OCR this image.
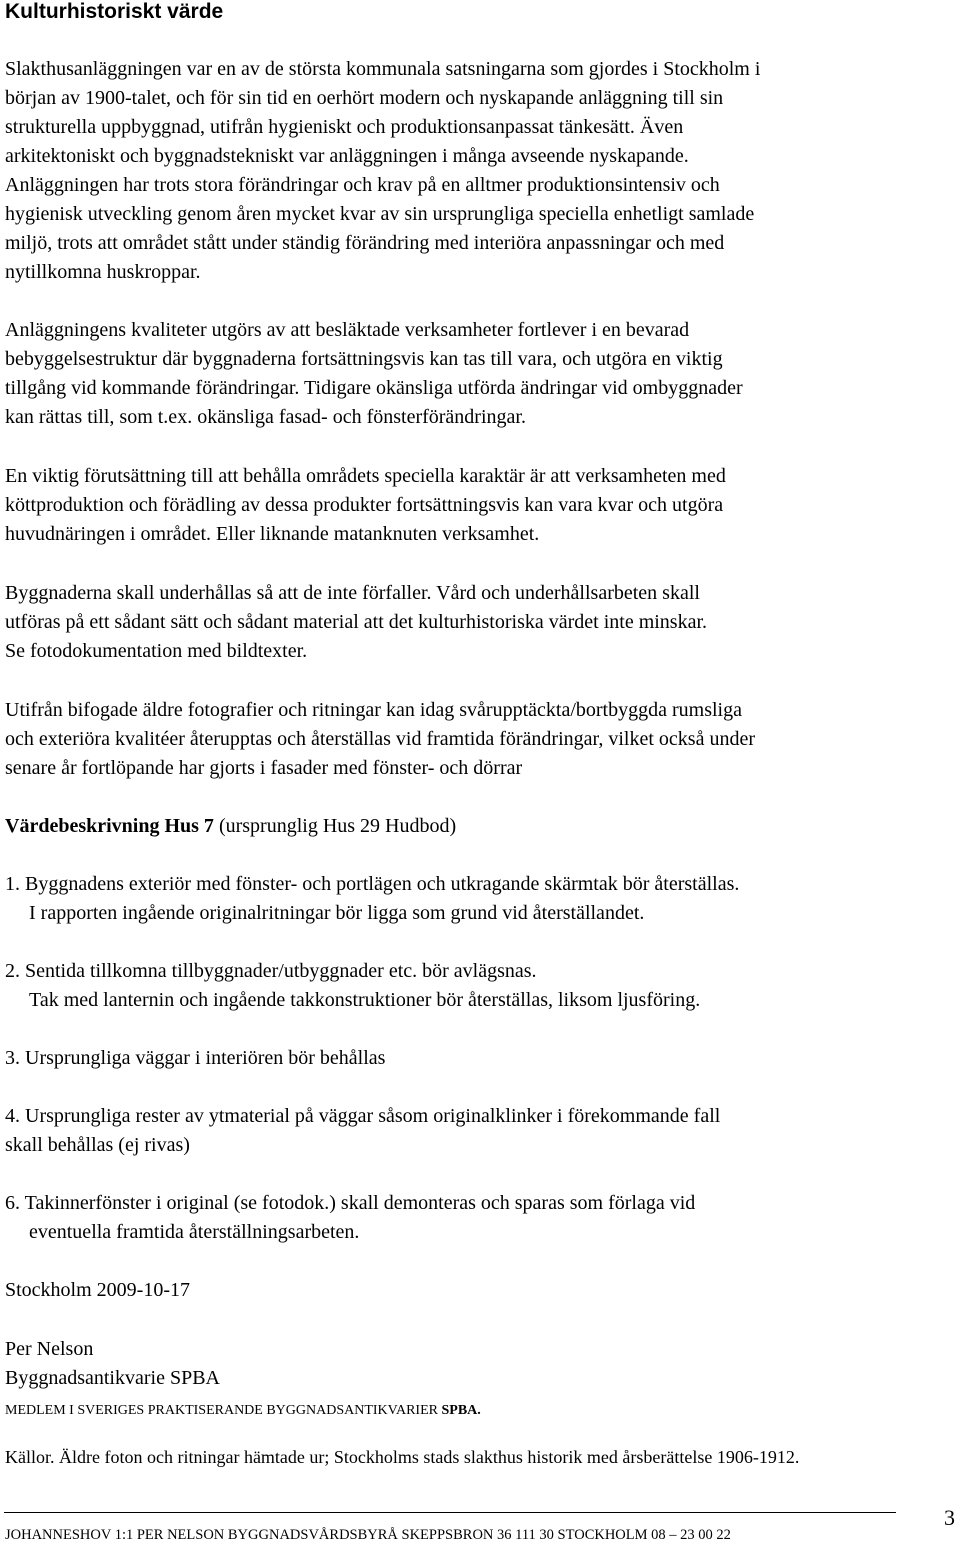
Kulturhistoriskt värde
Slakthusanläggningen var en av de största kommunala satsningarna som gjordes i Stockholm i
början av 1900-talet, och för sin tid en oerhört modern och nyskapande anläggning till sin
strukturella uppbyggnad, utifrån hygieniskt och produktionsanpassat tänkesätt. Även
arkitektoniskt och byggnadstekniskt var anläggningen i många avseende nyskapande.
Anläggningen har trots stora förändringar och krav på en alltmer produktionsintensiv och
hygienisk utveckling genom åren mycket kvar av sin ursprungliga speciella enhetligt samlade
miljö, trots att området stått under ständig förändring med interiöra anpassningar och med
nytillkomna huskroppar.
Anläggningens kvaliteter utgörs av att besläktade verksamheter fortlever i en bevarad
bebyggelsestruktur där byggnaderna fortsättningsvis kan tas till vara, och utgöra en viktig
tillgång vid kommande förändringar. Tidigare okänsliga utförda ändringar vid ombyggnader
kan rättas till, som t.ex. okänsliga fasad- och fönsterförändringar.
En viktig förutsättning till att behålla områdets speciella karaktär är att verksamheten med
köttproduktion och förädling av dessa produkter fortsättningsvis kan vara kvar och utgöra
huvudnäringen i området. Eller liknande matanknuten verksamhet.
Byggnaderna skall underhållas så att de inte förfaller. Vård och underhållsarbeten skall
utföras på ett sådant sätt och sådant material att det kulturhistoriska värdet inte minskar.
Se fotodokumentation med bildtexter.
Utifrån bifogade äldre fotografier och ritningar kan idag svårupptäckta/bortbyggda rumsliga
och exteriöra kvalitéer återupptas och återställas vid framtida förändringar, vilket också under
senare år fortlöpande har gjorts i fasader med fönster- och dörrar
Värdebeskrivning Hus 7 (ursprunglig Hus 29 Hudbod)
1. Byggnadens exteriör med fönster- och portlägen och utkragande skärmtak bör återställas.
I rapporten ingående originalritningar bör ligga som grund vid återställandet.
2. Sentida tillkomna tillbyggnader/utbyggnader etc. bör avlägsnas.
Tak med lanternin och ingående takkonstruktioner bör återställas, liksom ljusföring.
3. Ursprungliga väggar i interiören bör behållas
4. Ursprungliga rester av ytmaterial på väggar såsom originalklinker i förekommande fall
skall behållas (ej rivas)
6. Takinnerfönster i original (se fotodok.) skall demonteras och sparas som förlaga vid
eventuella framtida återställningsarbeten.
Stockholm 2009-10-17
Per Nelson
Byggnadsantikvarie SPBA
MEDLEM I SVERIGES PRAKTISERANDE BYGGNADSANTIKVARIER SPBA.
Källor. Äldre foton och ritningar hämtade ur; Stockholms stads slakthus historik med årsberättelse 1906-1912.
JOHANNESHOV 1:1 PER NELSON BYGGNADSVÅRDSBYRÅ SKEPPSBRON 36 111 30 STOCKHOLM 08 – 23 00 22
3
